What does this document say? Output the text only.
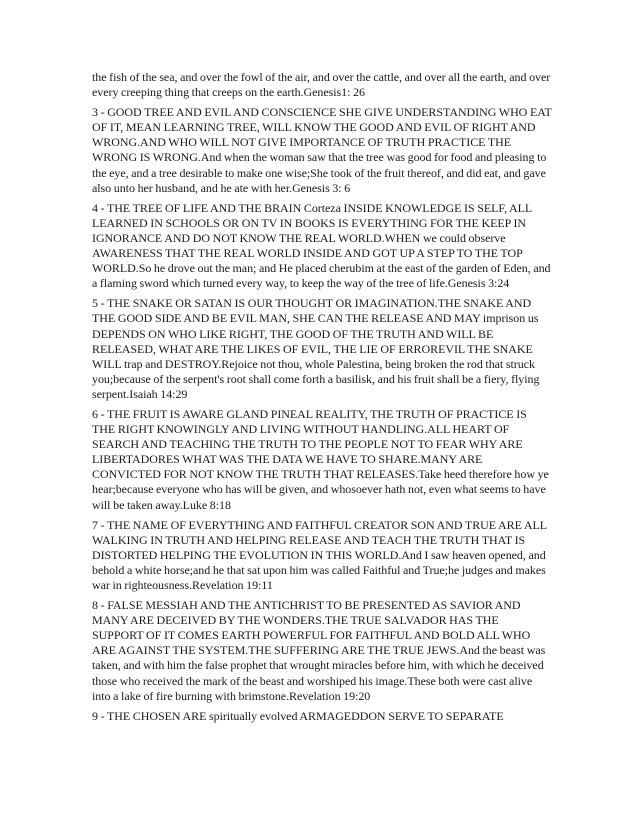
the fish of the sea, and over the fowl of the air, and over the cattle, and over all the earth, and over every creeping thing that creeps on the earth.Genesis1: 26

3 - GOOD TREE AND EVIL AND CONSCIENCE SHE GIVE UNDERSTANDING WHO EAT OF IT, MEAN LEARNING TREE, WILL KNOW THE GOOD AND EVIL OF RIGHT AND WRONG.AND WHO WILL NOT GIVE IMPORTANCE OF TRUTH PRACTICE THE WRONG IS WRONG.And when the woman saw that the tree was good for food and pleasing to the eye, and a tree desirable to make one wise;She took of the fruit thereof, and did eat, and gave also unto her husband, and he ate with her.Genesis 3: 6

4 - THE TREE OF LIFE AND THE BRAIN Corteza INSIDE KNOWLEDGE IS SELF, ALL LEARNED IN SCHOOLS OR ON TV IN BOOKS IS EVERYTHING FOR THE KEEP IN IGNORANCE AND DO NOT KNOW THE REAL WORLD.WHEN we could observe AWARENESS THAT THE REAL WORLD INSIDE AND GOT UP A STEP TO THE TOP WORLD.So he drove out the man; and He placed cherubim at the east of the garden of Eden, and a flaming sword which turned every way, to keep the way of the tree of life.Genesis 3:24

5 - THE SNAKE OR SATAN IS OUR THOUGHT OR IMAGINATION.THE SNAKE AND THE GOOD SIDE AND BE EVIL MAN, SHE CAN THE RELEASE AND MAY imprison us DEPENDS ON WHO LIKE RIGHT, THE GOOD OF THE TRUTH AND WILL BE RELEASED, WHAT ARE THE LIKES OF EVIL, THE LIE OF ERROREVIL THE SNAKE WILL trap and DESTROY.Rejoice not thou, whole Palestina, being broken the rod that struck you;because of the serpent's root shall come forth a basilisk, and his fruit shall be a fiery, flying serpent.Isaiah 14:29

6 - THE FRUIT IS AWARE GLAND PINEAL REALITY, THE TRUTH OF PRACTICE IS THE RIGHT KNOWINGLY AND LIVING WITHOUT HANDLING.ALL HEART OF SEARCH AND TEACHING THE TRUTH TO THE PEOPLE NOT TO FEAR WHY ARE LIBERTADORES WHAT WAS THE DATA WE HAVE TO SHARE.MANY ARE CONVICTED FOR NOT KNOW THE TRUTH THAT RELEASES.Take heed therefore how ye hear;because everyone who has will be given, and whosoever hath not, even what seems to have will be taken away.Luke 8:18

7 - THE NAME OF EVERYTHING AND FAITHFUL CREATOR SON AND TRUE ARE ALL WALKING IN TRUTH AND HELPING RELEASE AND TEACH THE TRUTH THAT IS DISTORTED HELPING THE EVOLUTION IN THIS WORLD.And I saw heaven opened, and behold a white horse;and he that sat upon him was called Faithful and True;he judges and makes war in righteousness.Revelation 19:11

8 - FALSE MESSIAH AND THE ANTICHRIST TO BE PRESENTED AS SAVIOR AND MANY ARE DECEIVED BY THE WONDERS.THE TRUE SALVADOR HAS THE SUPPORT OF IT COMES EARTH POWERFUL FOR FAITHFUL AND BOLD ALL WHO ARE AGAINST THE SYSTEM.THE SUFFERING ARE THE TRUE JEWS.And the beast was taken, and with him the false prophet that wrought miracles before him, with which he deceived those who received the mark of the beast and worshiped his image.These both were cast alive into a lake of fire burning with brimstone.Revelation 19:20

9 - THE CHOSEN ARE spiritually evolved ARMAGEDDON SERVE TO SEPARATE
